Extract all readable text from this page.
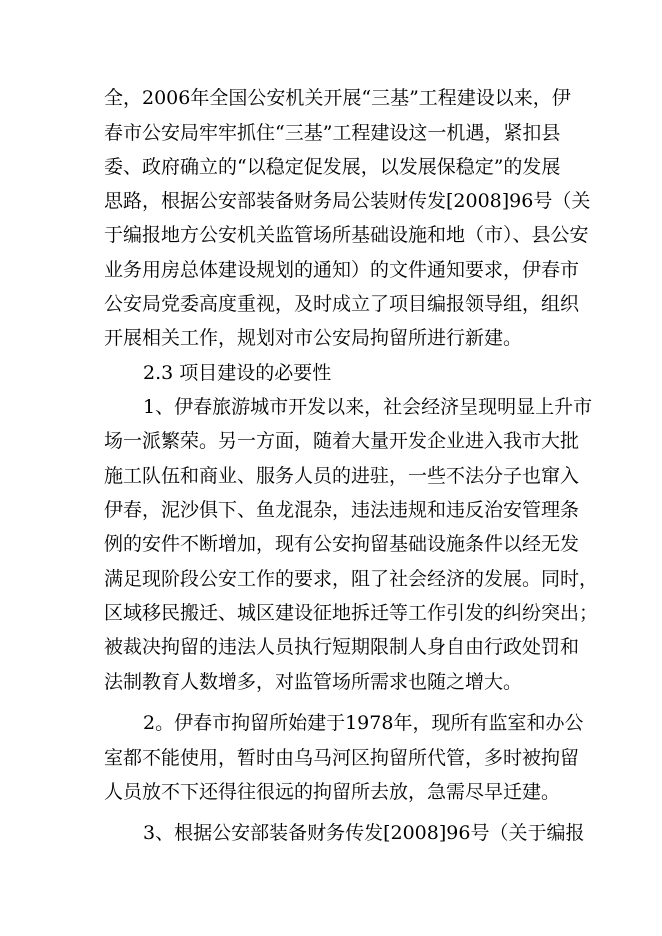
全，2006年全国公安机关开展“三基”工程建设以来，伊
春市公安局牢牢抓住“三基”工程建设这一机遇，紧扣县
委、政府确立的“以稳定促发展，以发展保稳定”的发展
思路，根据公安部装备财务局公装财传发[2008]96号（关
于编报地方公安机关监管场所基础设施和地（市）、县公安
业务用房总体建设规划的通知）的文件通知要求，伊春市
公安局党委高度重视，及时成立了项目编报领导组，组织
开展相关工作，规划对市公安局拘留所进行新建。
2.3 项目建设的必要性
1、伊春旅游城市开发以来，社会经济呈现明显上升市
场一派繁荣。另一方面，随着大量开发企业进入我市大批
施工队伍和商业、服务人员的进驻，一些不法分子也窜入
伊春，泥沙俱下、鱼龙混杂，违法违规和违反治安管理条
例的安件不断增加，现有公安拘留基础设施条件以经无发
满足现阶段公安工作的要求，阻了社会经济的发展。同时，
区域移民搬迁、城区建设征地拆迁等工作引发的纠纷突出；
被裁决拘留的违法人员执行短期限制人身自由行政处罚和
法制教育人数增多，对监管场所需求也随之增大。
2。伊春市拘留所始建于1978年，现所有监室和办公
室都不能使用，暂时由乌马河区拘留所代管，多时被拘留
人员放不下还得往很远的拘留所去放，急需尽早迁建。
3、根据公安部装备财务传发[2008]96号（关于编报
